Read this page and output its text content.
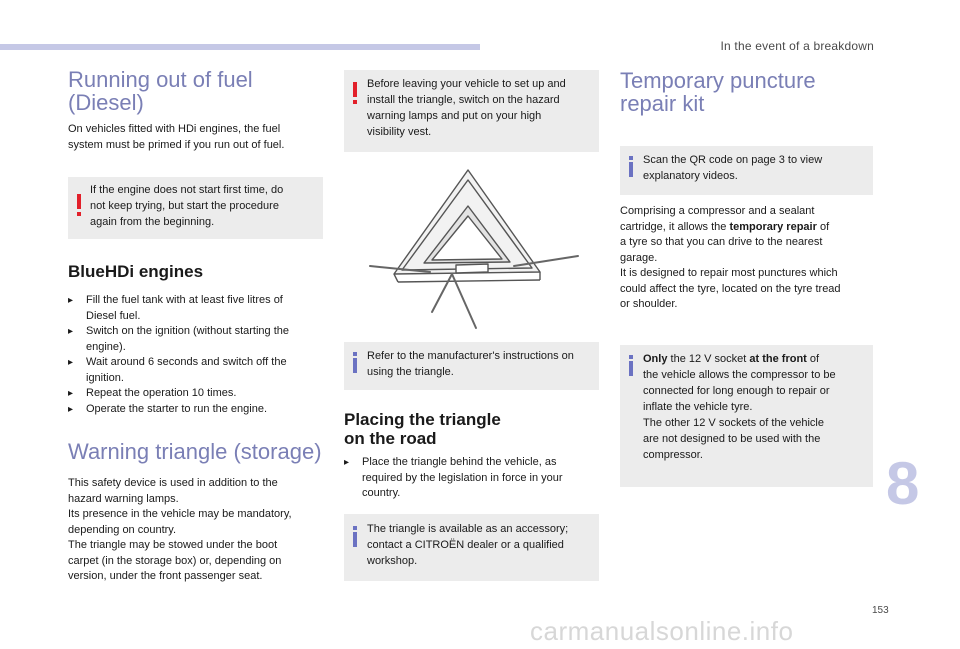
In the event of a breakdown
Running out of fuel
(Diesel)
On vehicles fitted with HDi engines, the fuel
system must be primed if you run out of fuel.
If the engine does not start first time, do
not keep trying, but start the procedure
again from the beginning.
BlueHDi engines
▸ Fill the fuel tank with at least five litres of
Diesel fuel.
▸ Switch on the ignition (without starting the
engine).
▸ Wait around 6 seconds and switch off the
ignition.
▸ Repeat the operation 10 times.
▸ Operate the starter to run the engine.
Warning triangle (storage)
This safety device is used in addition to the
hazard warning lamps.
Its presence in the vehicle may be mandatory,
depending on country.
The triangle may be stowed under the boot
carpet (in the storage box) or, depending on
version, under the front passenger seat.
Before leaving your vehicle to set up and
install the triangle, switch on the hazard
warning lamps and put on your high
visibility vest.
Refer to the manufacturer's instructions on
using the triangle.
Placing the triangle
on the road
▸ Place the triangle behind the vehicle, as
required by the legislation in force in your
country.
The triangle is available as an accessory;
contact a CITROËN dealer or a qualified
workshop.
Temporary puncture
repair kit
Scan the QR code on page 3 to view
explanatory videos.
Comprising a compressor and a sealant
cartridge, it allows the temporary repair of
a tyre so that you can drive to the nearest
garage.
It is designed to repair most punctures which
could affect the tyre, located on the tyre tread
or shoulder.
Only the 12 V socket at the front of
the vehicle allows the compressor to be
connected for long enough to repair or
inflate the vehicle tyre.
The other 12 V sockets of the vehicle
are not designed to be used with the
compressor.	8
153
carmanualsonline.info
